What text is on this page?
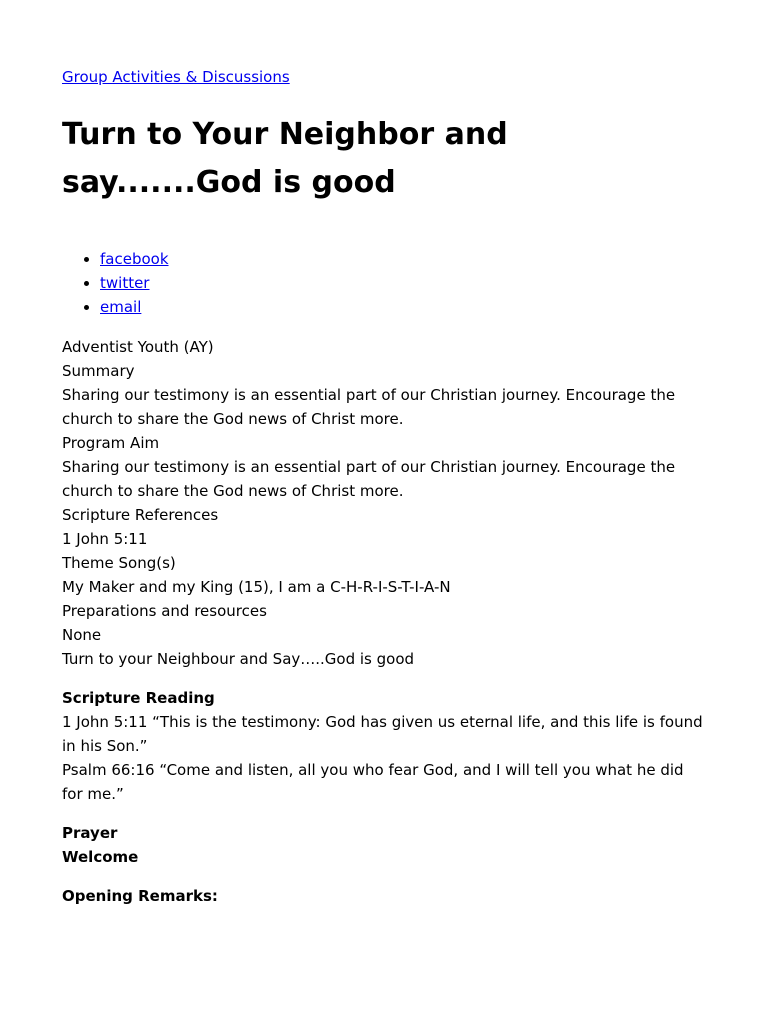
Group Activities & Discussions
Turn to Your Neighbor and say.......God is good
• facebook
• twitter
• email

Adventist Youth (AY)

Summary

Sharing our testimony is an essential part of our Christian journey. Encourage the church to share the God news of Christ more.

Program Aim

Sharing our testimony is an essential part of our Christian journey. Encourage the church to share the God news of Christ more.

Scripture References

1 John 5:11

Theme Song(s)

My Maker and my King (15), I am a C-H-R-I-S-T-I-A-N

Preparations and resources

None

Turn to your Neighbour and Say…..God is good

Scripture Reading

1 John 5:11 “This is the testimony: God has given us eternal life, and this life is found in his Son.”

Psalm 66:16 “Come and listen, all you who fear God, and I will tell you what he did for me.”

Prayer

Welcome

Opening Remarks:
